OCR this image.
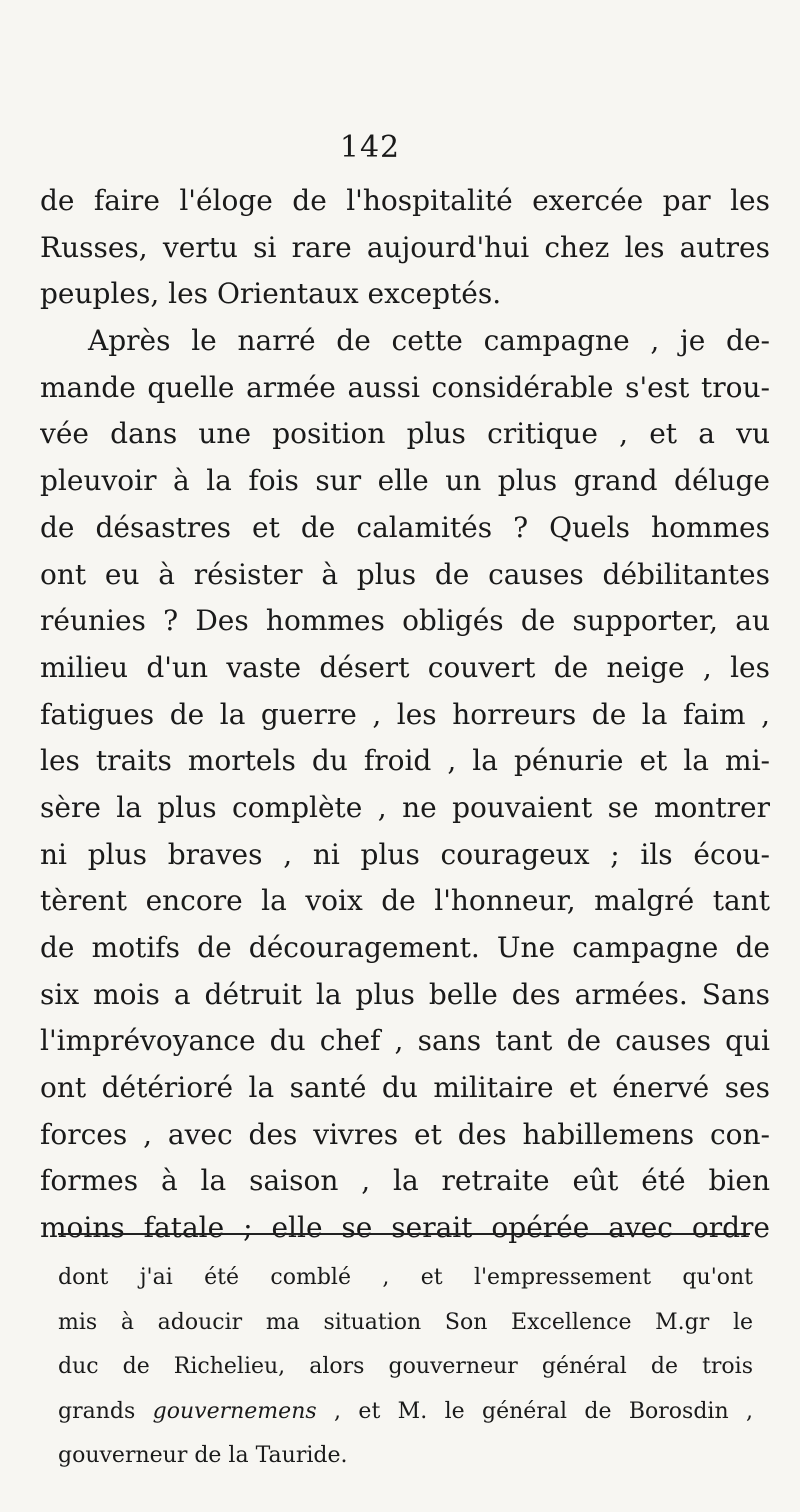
142
de faire l'éloge de l'hospitalité exercée par les
Russes, vertu si rare aujourd'hui chez les autres
peuples, les Orientaux exceptés.
Après le narré de cette campagne , je de-
mande quelle armée aussi considérable s'est trou-
vée dans une position plus critique , et a vu
pleuvoir à la fois sur elle un plus grand déluge
de désastres et de calamités ? Quels hommes
ont eu à résister à plus de causes débilitantes
réunies ? Des hommes obligés de supporter, au
milieu d'un vaste désert couvert de neige , les
fatigues de la guerre , les horreurs de la faim ,
les traits mortels du froid , la pénurie et la mi-
sère la plus complète , ne pouvaient se montrer
ni plus braves , ni plus courageux ; ils écou-
tèrent encore la voix de l'honneur, malgré tant
de motifs de découragement. Une campagne de
six mois a détruit la plus belle des armées. Sans
l'imprévoyance du chef , sans tant de causes qui
ont détérioré la santé du militaire et énervé ses
forces , avec des vivres et des habillemens con-
formes à la saison , la retraite eût été bien
moins fatale ; elle se serait opérée avec ordre
dont j'ai été comblé , et l'empressement qu'ont
mis à adoucir ma situation Son Excellence M.gr le
duc de Richelieu, alors gouverneur général de trois
grands gouvernemens , et M. le général de Borosdin ,
gouverneur de la Tauride.
